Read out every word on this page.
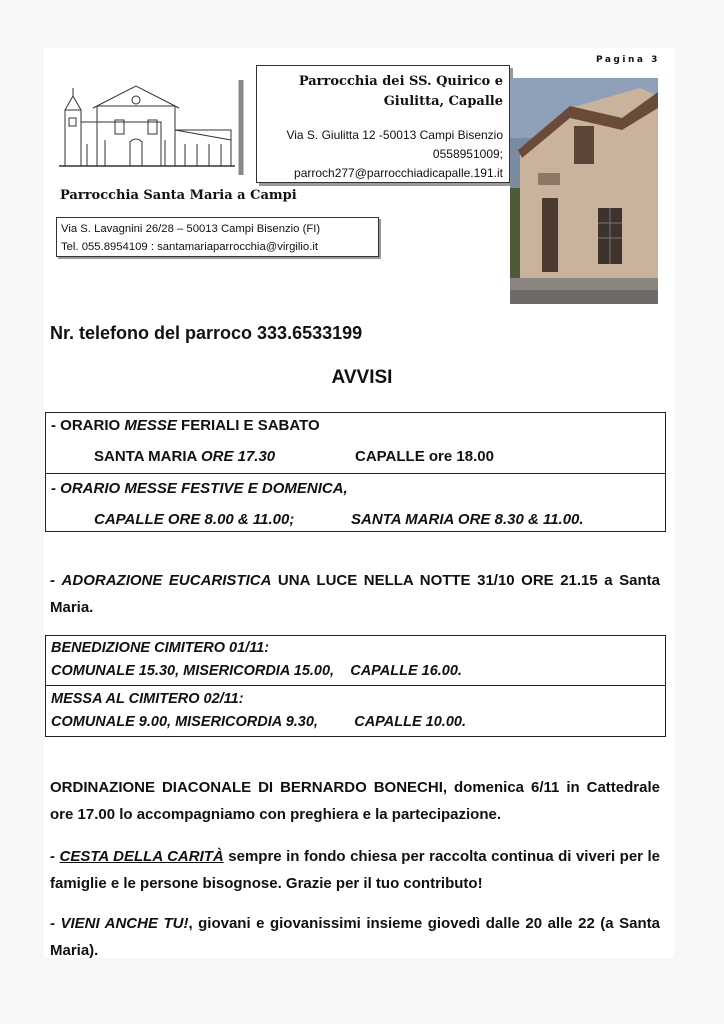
Pagina 3
Parrocchia dei SS. Quirico e
Giulitta, Capalle
Via S. Giulitta 12 -50013 Campi Bisenzio
0558951009;
parroch277@parrocchiadicapalle.191.it
Parrocchia Santa Maria a Campi
Via S. Lavagnini 26/28 – 50013 Campi Bisenzio (FI)
Tel. 055.8954109 : santamariaparrocchia@virgilio.it
Nr. telefono del parroco 333.6533199
AVVISI
- ORARIO MESSE FERIALI E SABATO
SANTA MARIA ORE 17.30	CAPALLE ore 18.00
- ORARIO MESSE FESTIVE E DOMENICA,
CAPALLE ORE 8.00 & 11.00;	SANTA MARIA ORE 8.30 & 11.00.
- ADORAZIONE EUCARISTICA UNA LUCE NELLA NOTTE 31/10 ORE 21.15 a Santa Maria.
BENEDIZIONE CIMITERO 01/11:
COMUNALE 15.30, MISERICORDIA 15.00, CAPALLE 16.00.
MESSA AL CIMITERO 02/11:
COMUNALE 9.00, MISERICORDIA 9.30,	CAPALLE 10.00.
ORDINAZIONE DIACONALE DI BERNARDO BONECHI, domenica 6/11 in Cattedrale ore 17.00 lo accompagniamo con preghiera e la partecipazione.
- CESTA DELLA CARITÀ sempre in fondo chiesa per raccolta continua di viveri per le famiglie e le persone bisognose. Grazie per il tuo contributo!
- VIENI ANCHE TU!, giovani e giovanissimi insieme giovedì dalle 20 alle 22 (a Santa Maria).
